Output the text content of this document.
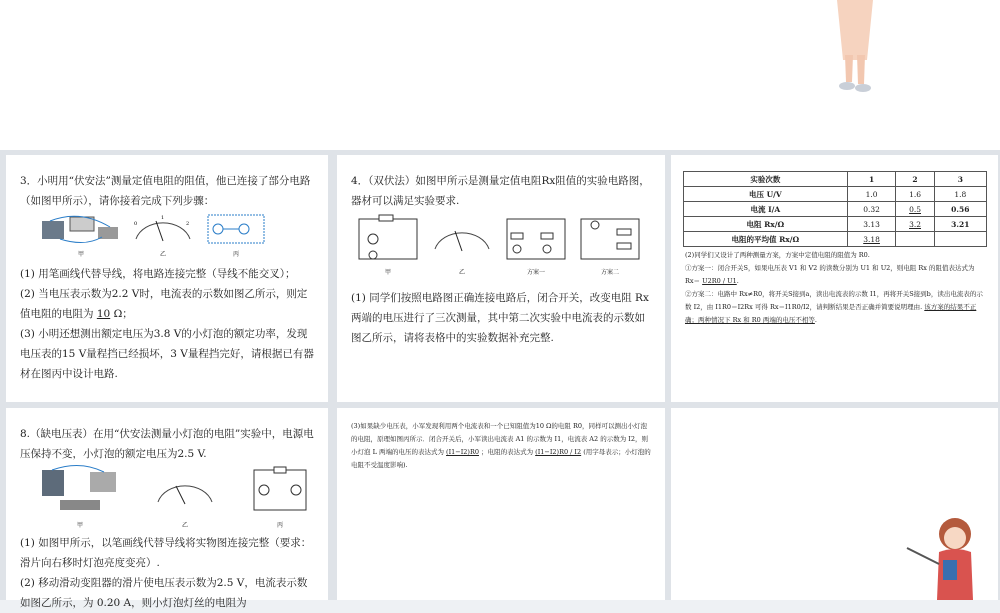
3．小明用“伏安法”测量定值电阻的阻值，他已连接了部分电路（如图甲所示），请你接着完成下列步骤：

甲
0
1
2
乙	丙

(1) 用笔画线代替导线，将电路连接完整（导线不能交叉）；

(2) 当电压表示数为2.2 V时，电流表的示数如图乙所示，则定值电阻的电阻为 10 Ω；

(3) 小明还想测出额定电压为3.8 V的小灯泡的额定功率，发现电压表的15 V量程挡已经损坏，3 V量程挡完好，请根据已有器材在图丙中设计电路.

4．（双伏法）如图甲所示是测量定值电阻Rx阻值的实验电路图，器材可以满足实验要求.

甲	乙	方案一	方案二

(1) 同学们按照电路图正确连接电路后，闭合开关，改变电阻 Rx 两端的电压进行了三次测量，其中第二次实验中电流表的示数如图乙所示，请将表格中的实验数据补充完整.

实验次数	1	2	3
电压 U/V	1.0	1.6	1.8
电流 I/A	0.32	0.5	0.56
电阻 Rx/Ω	3.13	3.2	3.21
电阻的平均值 Rx/Ω	3.18		

(2)同学们又设计了两种测量方案，方案中定值电阻的阻值为 R0.

①方案一：闭合开关S，如果电压表 V1 和 V2 的读数分别为 U1 和 U2，则电阻 Rx 的阻值表达式为 Rx＝ U2R0 / U1.

②方案二：电路中 Rx≠R0，将开关S接到a，读出电流表的示数 I1，再将开关S接到b，读出电流表的示数 I2，由 I1R0＝I2Rx 可得 Rx＝I1R0/I2，请判断结果是否正确并简要说明理由. 该方案的结果不正确；两种情况下 Rx 和 R0 两端的电压不相等.

8.（缺电压表）在用“伏安法测量小灯泡的电阻”实验中，电源电压保持不变，小灯泡的额定电压为2.5 V.

甲	乙	丙

(1) 如图甲所示，以笔画线代替导线将实物图连接完整（要求：滑片向右移时灯泡亮度变亮）.

(2) 移动滑动变阻器的滑片使电压表示数为2.5 V，电流表示数如图乙所示，为 0.20 A，则小灯泡灯丝的电阻为

(3)如果缺少电压表，小军发现利用两个电流表和一个已知阻值为10 Ω的电阻 R0，同样可以测出小灯泡的电阻，原理如图丙所示．闭合开关后，小军读出电流表 A1 的示数为 I1，电流表 A2 的示数为 I2，则小灯泡 L 两端的电压的表达式为 (I1−I2)R0 ；电阻的表达式为 (I1−I2)R0 / I2 (用字母表示；小灯泡的电阻不受温度影响).
